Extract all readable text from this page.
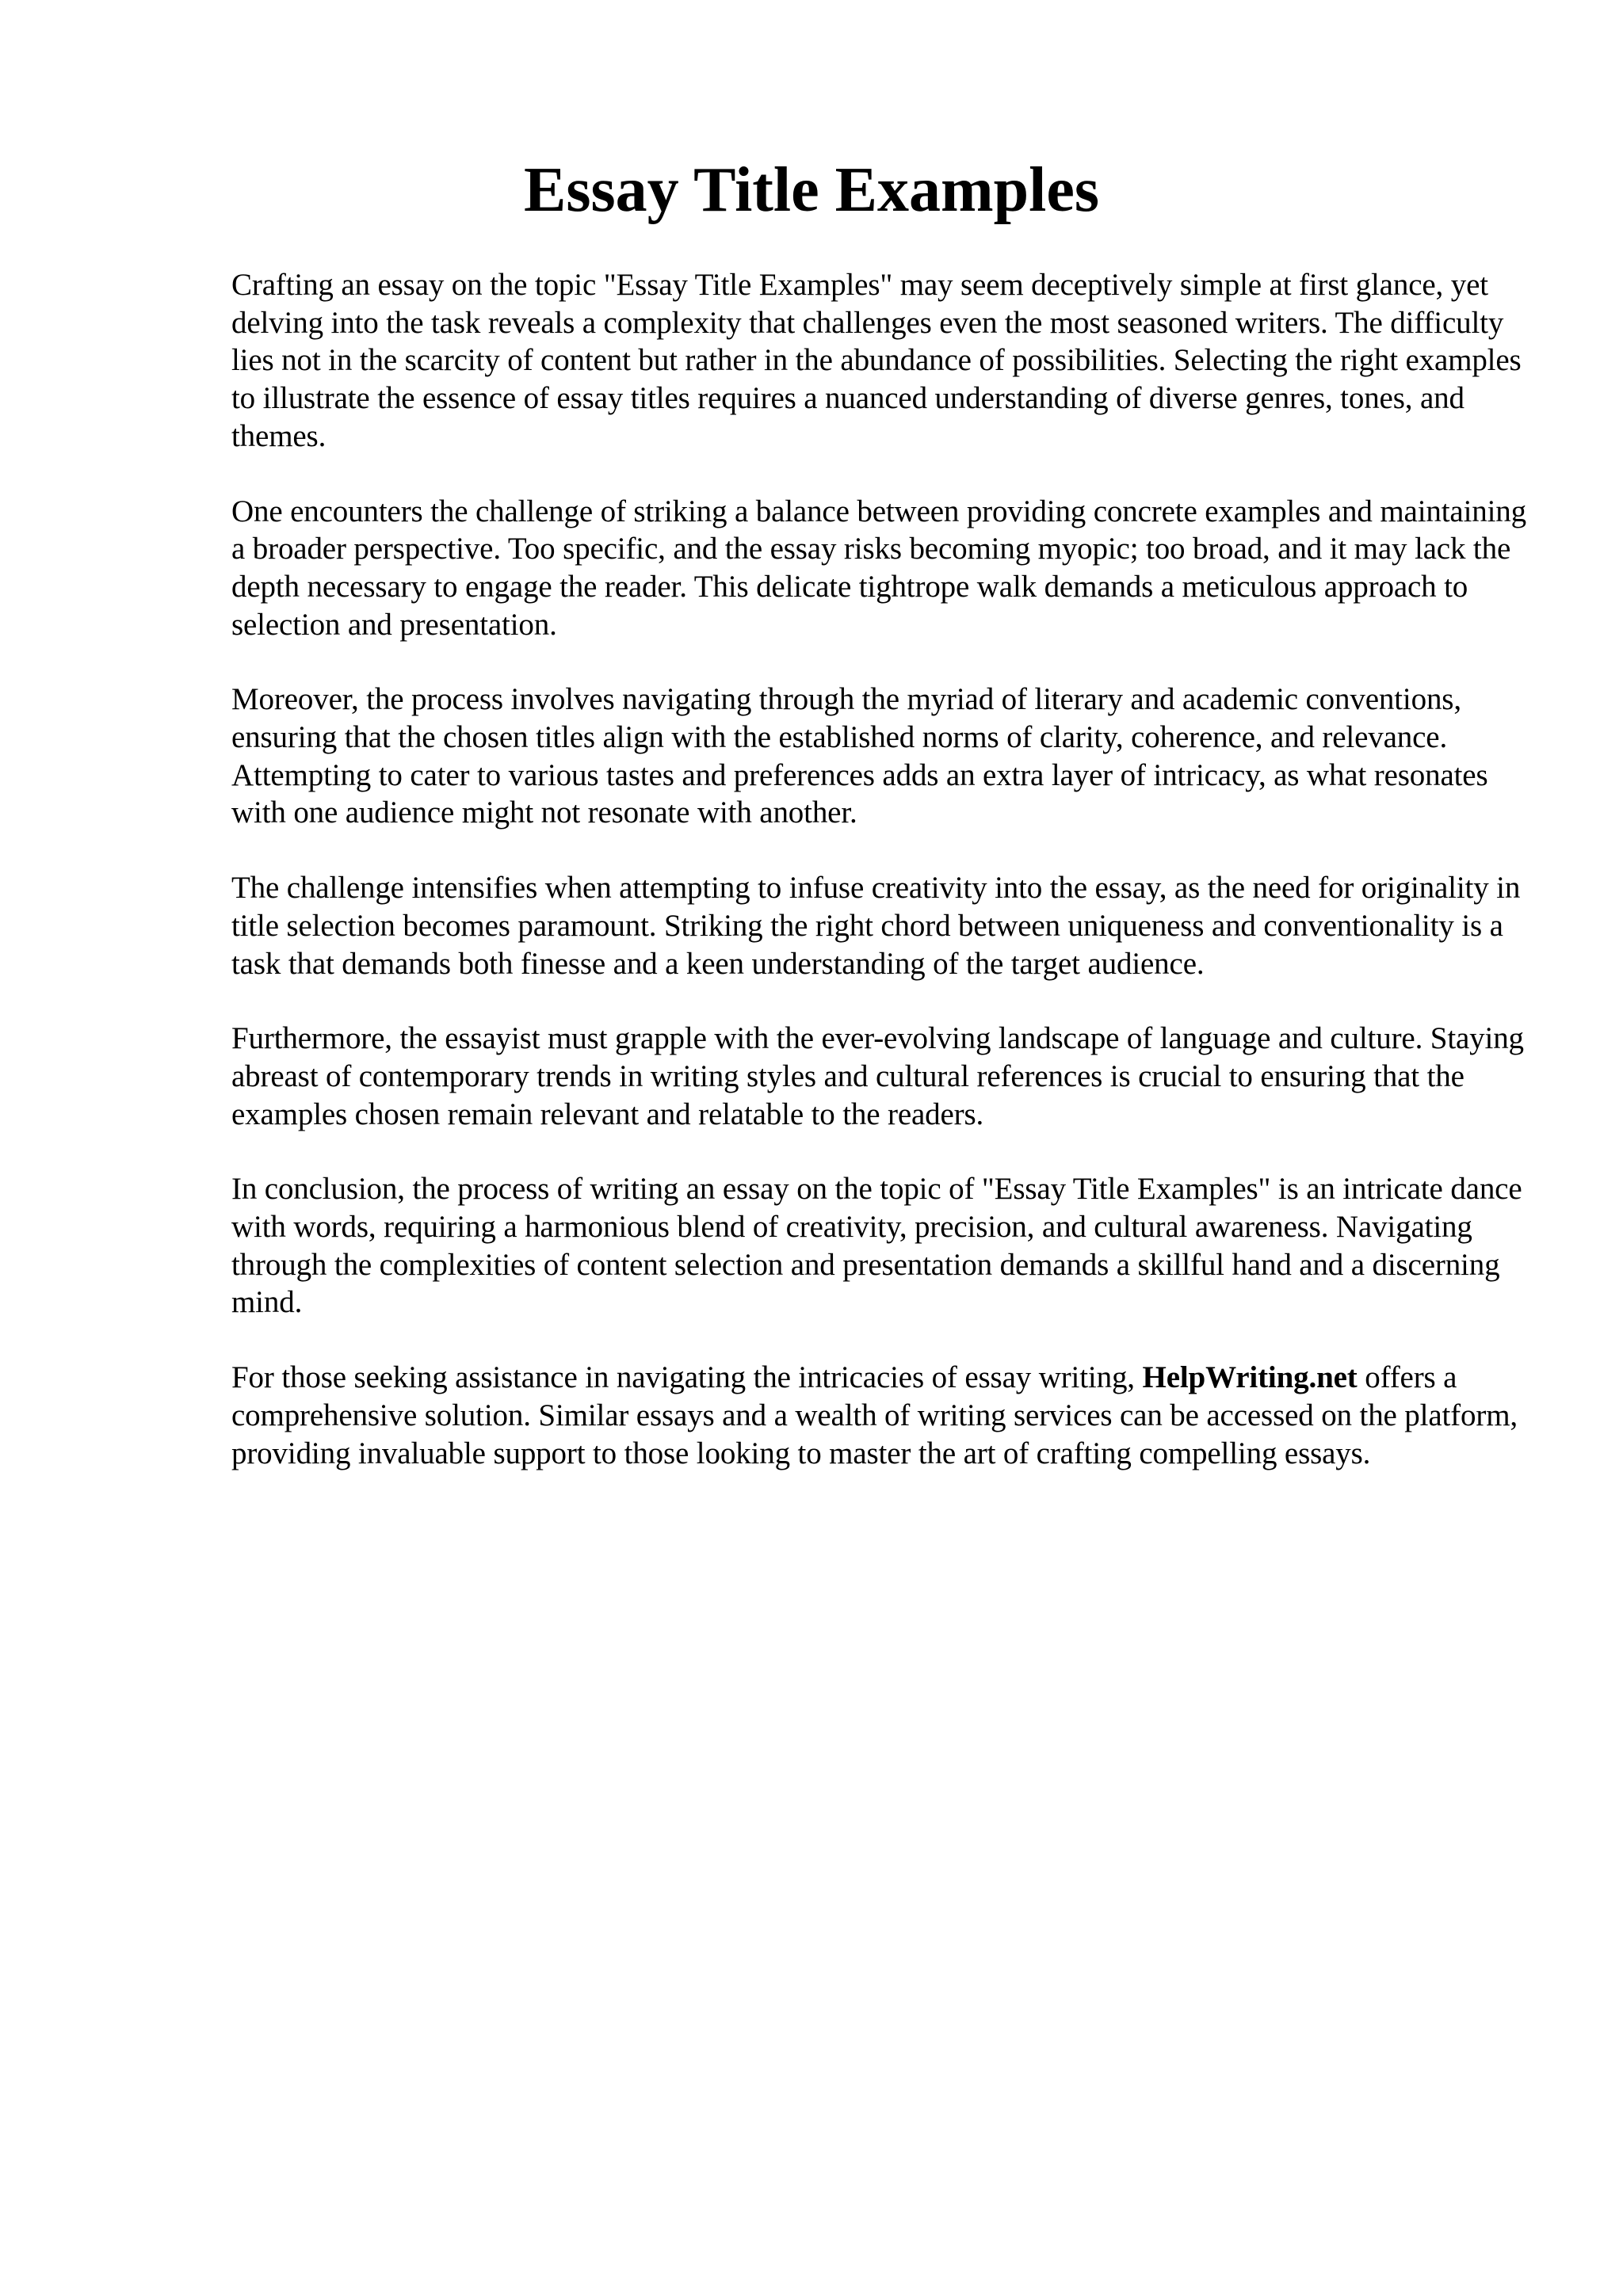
Essay Title Examples

Crafting an essay on the topic "Essay Title Examples" may seem deceptively simple at first glance, yet delving into the task reveals a complexity that challenges even the most seasoned writers. The difficulty lies not in the scarcity of content but rather in the abundance of possibilities. Selecting the right examples to illustrate the essence of essay titles requires a nuanced understanding of diverse genres, tones, and themes.

One encounters the challenge of striking a balance between providing concrete examples and maintaining a broader perspective. Too specific, and the essay risks becoming myopic; too broad, and it may lack the depth necessary to engage the reader. This delicate tightrope walk demands a meticulous approach to selection and presentation.

Moreover, the process involves navigating through the myriad of literary and academic conventions, ensuring that the chosen titles align with the established norms of clarity, coherence, and relevance. Attempting to cater to various tastes and preferences adds an extra layer of intricacy, as what resonates with one audience might not resonate with another.

The challenge intensifies when attempting to infuse creativity into the essay, as the need for originality in title selection becomes paramount. Striking the right chord between uniqueness and conventionality is a task that demands both finesse and a keen understanding of the target audience.

Furthermore, the essayist must grapple with the ever-evolving landscape of language and culture. Staying abreast of contemporary trends in writing styles and cultural references is crucial to ensuring that the examples chosen remain relevant and relatable to the readers.

In conclusion, the process of writing an essay on the topic of "Essay Title Examples" is an intricate dance with words, requiring a harmonious blend of creativity, precision, and cultural awareness. Navigating through the complexities of content selection and presentation demands a skillful hand and a discerning mind.

For those seeking assistance in navigating the intricacies of essay writing, HelpWriting.net offers a comprehensive solution. Similar essays and a wealth of writing services can be accessed on the platform, providing invaluable support to those looking to master the art of crafting compelling essays.
